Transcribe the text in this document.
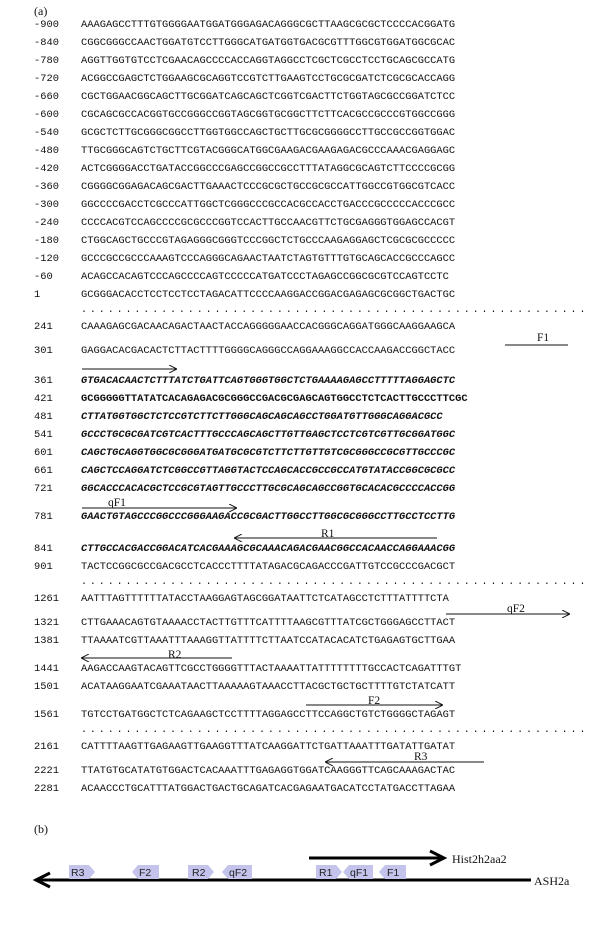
(a)
-900	AAAGAGCCTTTGTGGGGAATGGATGGGAGACAGGGCGCTTAAGCGCGCTCCCCACGGATG
-840	CGGCGGGCCAACTGGATGTCCTTGGGCATGATGGTGACGCGTTTGGCGTGGATGGCGCAC
-780	AGGTTGGTGTCCTCGAACAGCCCCACCAGGTAGGCCTCGCTCGCCTCCTGCAGCGCCATG
-720	ACGGCCGAGCTCTGGAAGCGCAGGTCCGTCTTGAAGTCCTGCGCGATCTCGCGCACCAGG
-660	CGCTGGAACGGCAGCTTGCGGATCAGCAGCTCGGTCGACTTCTGGTAGCGCCGGATCTCC
-600	CGCAGCGCCACGGTGCCGGGCCGGTAGCGGTGCGGCTTCTTCACGCCGCCCGTGGCCGGG
-540	GCGCTCTTGCGGGCGGCCTTGGTGGCCAGCTGCTTGCGCGGGGCCTTGCCGCCGGTGGAC
-480	TTGCGGGCAGTCTGCTTCGTACGGGCATGGCGAAGACGAAGAGACGCCCAAACGAGGAGC
-420	ACTCGGGGACCTGATACCGGCCCGAGCCGGCCGCCTTTATAGGCGCAGTCTTCCCCGCGG
-360	CGGGGCGGAGACAGCGACTTGAAACTCCCGCGCTGCCGCGCCATTGGCCGTGGCGTCACC
-300	GGCCCCGACCTCGCCCATTGGCTCGGGCCCGCCACGCCACCTGACCCGCCCCCACCCGCC
-240	CCCCACGTCCAGCCCCGCGCCCGGTCCACTTGCCAACGTTCTGCGAGGGTGGAGCCACGT
-180	CTGGCAGCTGCCCGTAGAGGGCGGGTCCCGGCTCTGCCCAAGAGGAGCTCGCGCGCCCCC
-120	GCCCGCCGCCCAAAGTCCCAGGGCAGAACTAATCTAGTGTTTGTGCAGCACCGCCCAGCC
-60	ACAGCCACAGTCCCAGCCCCAGTCCCCCATGATCCCTAGAGCCGGCGCGTCCAGTCCTC
1	GCGGGACACCTCCTCCTCCTAGACATTCCCCAAGGACCGGACGAGAGCGCGGCTGACTGC
.........................................................
241	CAAAGAGCGACAACAGACTAACTACCAGGGGGAACCACGGGCAGGATGGGCAAGGAAGCA
301	GAGGACACGACACTCTTACTTTTGGGGCAGGGCCAGGAAAGGCCACCAAGACCGGCTACC
361	GTGACACAACTCTTTATCTGATTCAGTGGGTGGCTCTGAAAAGAGCCTTTTTAGGAGCTC
421	GCGGGGGTTATATCACAGAGACGCGGGCCGACGCGAGCAGTGGCCTCTCACTTGCCCTTCGC
481	CTTATGGTGGCTCTCCGTCTTCTTGGGCAGCAGCAGCCTGGATGTTGGGCAGGACGCC
541	GCCCTGCGCGATCGTCACTTTGCCCAGCAGCTTGTTGAGCTCCTCGTCGTTGCGGATGGC
601	CAGCTGCAGGTGGCGCGGGATGATGCGCGTCTTCTTGTTGTCGCGGGCCGCGTTGCCCGC
661	CAGCTCCAGGATCTCGGCCGTTAGGTACTCCAGCACCGCCGCCATGTATACCGGCGCGCC
721	GGCACCCACACGCTCCGCGTAGTTGCCCTTGCGCAGCAGCCGGTGCACACGCCCCACCGG
781	GAACTGTAGCCCGGCCCGGGAAGACCGCGACTTGGCCTTGGCGCGGGCCTTGCCTCCTTG
841	CTTGCCACGACCGGACATCACGAAAGCGCAAACAGACGAACGGCCACAACCAGGAAACGG
901	TACTCCGGCGCCGACGCCTCACCCTTTTATAGACGCAGACCCGATTGTCCGCCCGACGCT
.........................................................
1261	AATTTAGTTTTTTATACCTAAGGAGTAGCGGATAATTCTCATAGCCTCTTTATTTTCTA
1321	CTTGAAACAGTGTAAAACCTACTTGTTTCATTTTAAGCGTTTATCGCTGGGAGCCTTACT
1381	TTAAAATCGTTAAATTTAAAGGTTATTTTCTTAATCCATACACATCTGAGAGTGCTTGAA
1441	AAGACCAAGTACAGTTCGCCTGGGGTTTACTAAAATTATTTTTTTTGCCACTCAGATTTGT
1501	ACATAAGGAATCGAAATAACTTAAAAAGTAAACCTTACGCTGCTGCTTTTGTCTATCATT
1561	TGTCCTGATGGCTCTCAGAAGCTCCTTTTAGGAGCCTTCCAGGCTGTCTGGGGCTAGAGT
.........................................................
2161	CATTTTAAGTTGAGAAGTTGAAGGTTTATCAAGGATTCTGATTAAATTTGATATTGATAT
2221	TTATGTGCATATGTGGACTCACAAATTTGAGAGGTGGATCAAGGGTTCAGCAAAGACTAC
2281	ACAACCCTGCATTTATGGACTGACTGCAGATCACGAGAATGACATCCTATGACCTTAGAA
F1
qF1
R1
qF2
R2
F2
R3
(b)
Hist2h2aa2
ASH2a
R3	F2	R2 qF2	R1 qF1 F1
